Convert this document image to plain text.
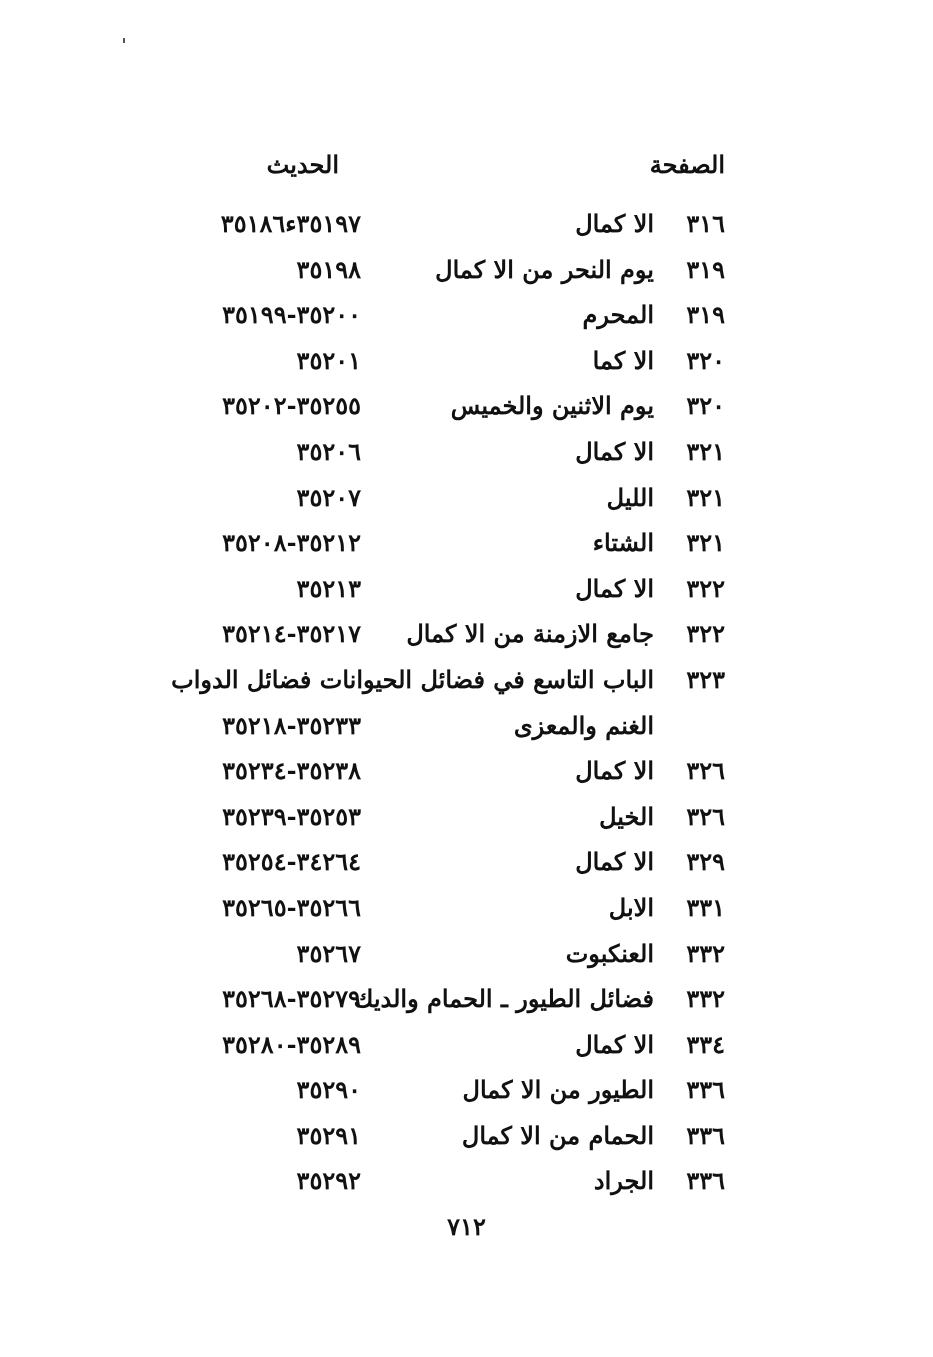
الصفحة
الحديث
٣١٦
الا كمال
٣٥١٩٧ء٣٥١٨٦
٣١٩
يوم النحر من الا كمال
٣٥١٩٨
٣١٩
المحرم
٣٥٢٠٠-٣٥١٩٩
٣٢٠
الا كما
٣٥٢٠١
٣٢٠
يوم الاثنين والخميس
٣٥٢٥٥-٣٥٢٠٢
٣٢١
الا كمال
٣٥٢٠٦
٣٢١
الليل
٣٥٢٠٧
٣٢١
الشتاء
٣٥٢١٢-٣٥٢٠٨
٣٢٢
الا كمال
٣٥٢١٣
٣٢٢
جامع الازمنة من الا كمال
٣٥٢١٧-٣٥٢١٤
٣٢٣
الباب التاسع في فضائل الحيوانات فضائل الدواب
الغنم والمعزى
٣٥٢٣٣-٣٥٢١٨
٣٢٦
الا كمال
٣٥٢٣٨-٣٥٢٣٤
٣٢٦
الخيل
٣٥٢٥٣-٣٥٢٣٩
٣٢٩
الا كمال
٣٤٢٦٤-٣٥٢٥٤
٣٣١
الابل
٣٥٢٦٦-٣٥٢٦٥
٣٣٢
العنكبوت
٣٥٢٦٧
٣٣٢
فضائل الطيور ـ الحمام والديك
٣٥٢٧٩-٣٥٢٦٨
٣٣٤
الا كمال
٣٥٢٨٩-٣٥٢٨٠
٣٣٦
الطيور من الا كمال
٣٥٢٩٠
٣٣٦
الحمام من الا كمال
٣٥٢٩١
٣٣٦
الجراد
٣٥٢٩٢
٧١٢
